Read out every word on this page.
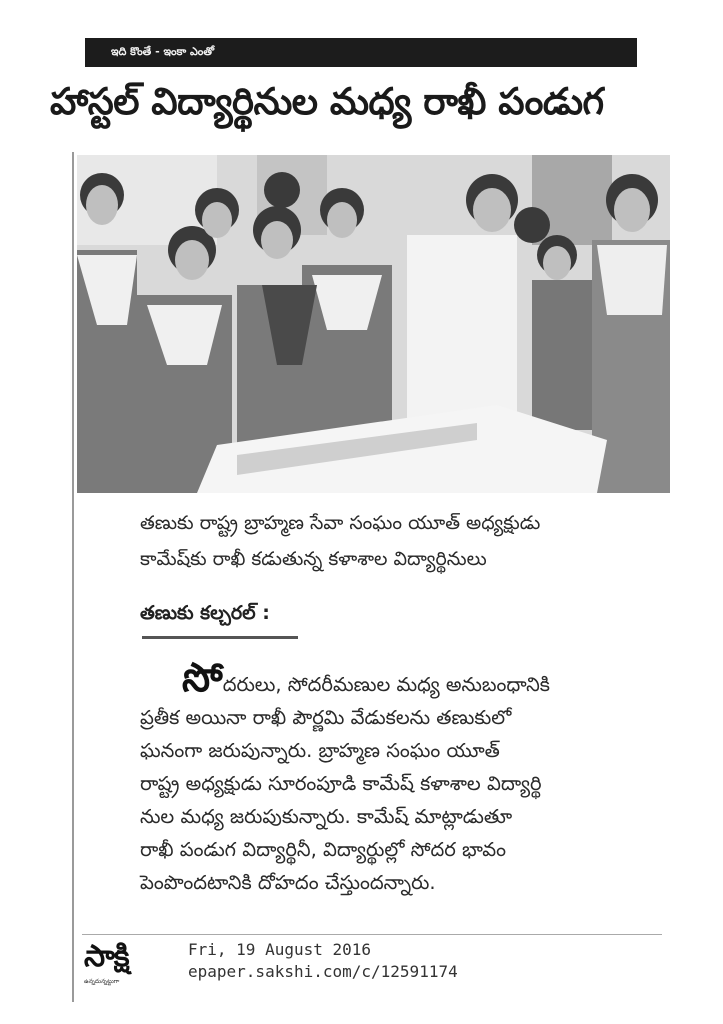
ఇది కొంతే - ఇంకా ఎంతో
హాస్టల్ విద్యార్థినుల మధ్య రాఖీ పండుగ
తణుకు రాష్ట్ర బ్రాహ్మణ సేవా సంఘం యూత్ అధ్యక్షుడు
కామేష్‌కు రాఖీ కడుతున్న కళాశాల విద్యార్థినులు
తణుకు కల్చరల్ :

సోదరులు, సోదరీమణుల మధ్య అనుబంధానికి

ప్రతీక అయినా రాఖీ పౌర్ణమి వేడుకలను తణుకులో

ఘనంగా జరుపున్నారు. బ్రాహ్మణ సంఘం యూత్

రాష్ట్ర అధ్యక్షుడు సూరంపూడి కామేష్ కళాశాల విద్యార్థి

నుల మధ్య జరుపుకున్నారు. కామేష్ మాట్లాడుతూ

రాఖీ పండుగ విద్యార్థినీ, విద్యార్థుల్లో సోదర భావం

పెంపొందటానికి దోహదం చేస్తుందన్నారు.

సాక్షి
ఉన్నదున్నట్టుగా
Fri, 19 August 2016
epaper.sakshi.com/c/12591174
